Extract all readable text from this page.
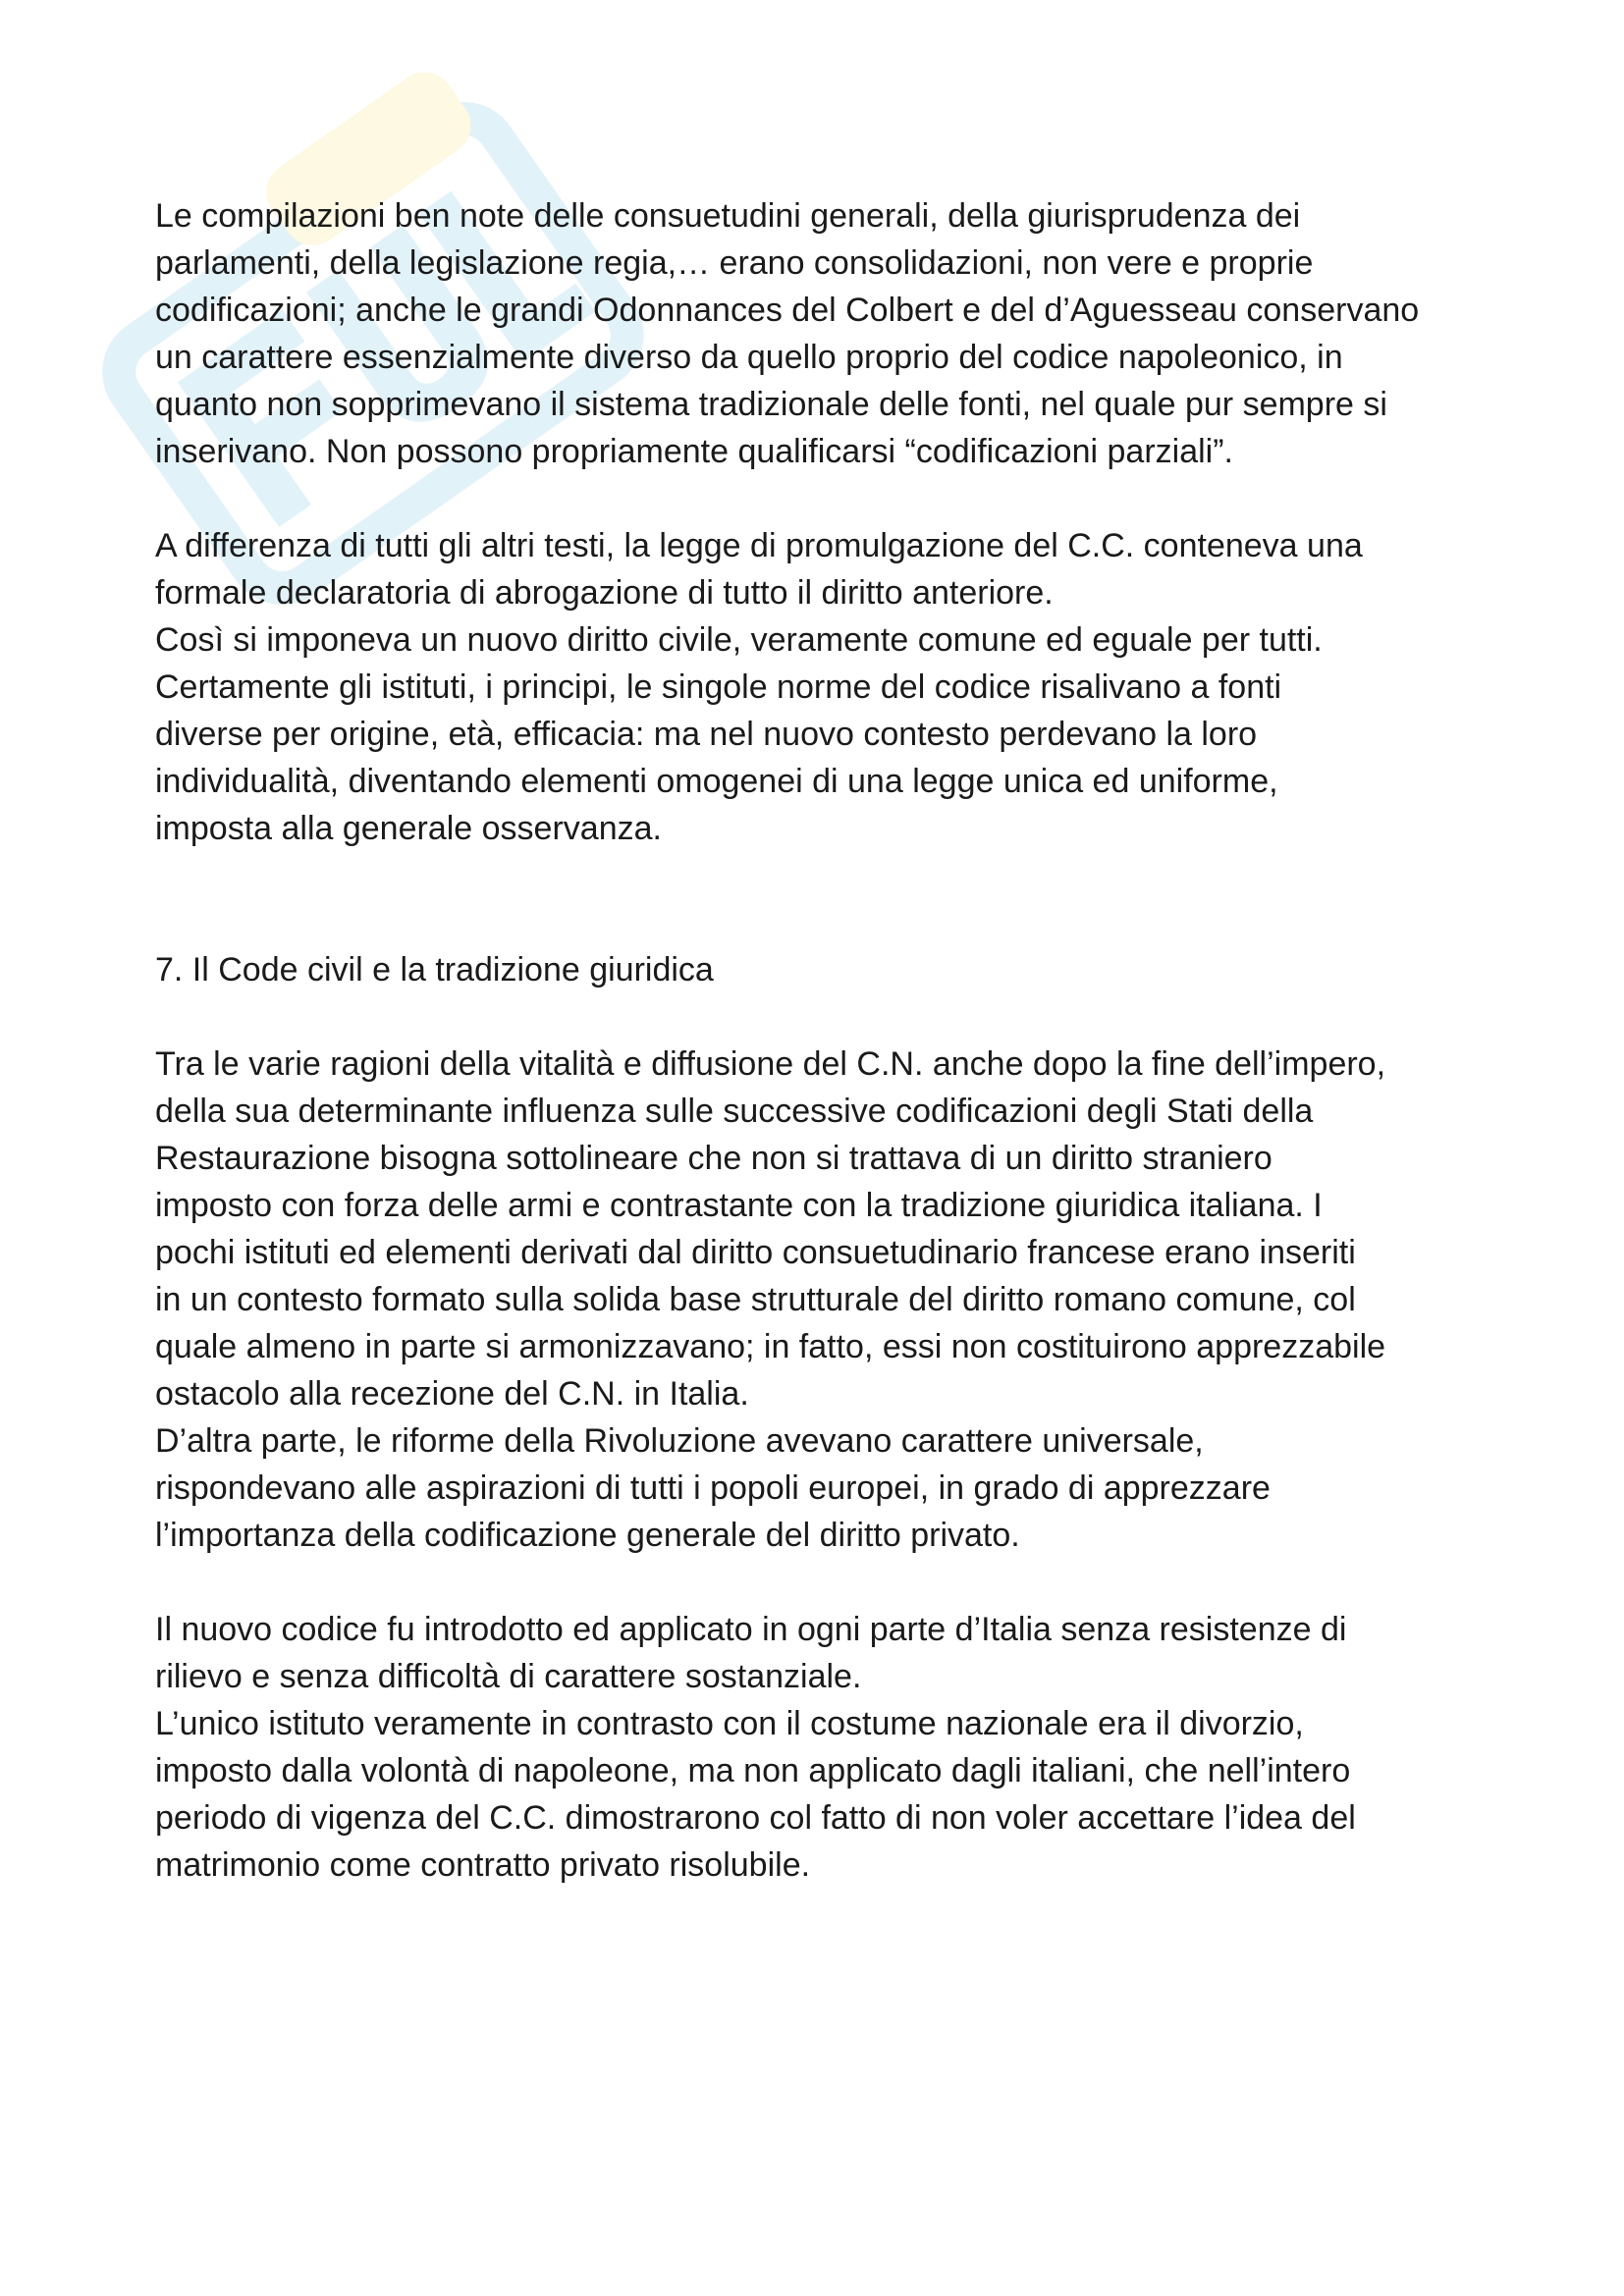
Le compilazioni ben note delle consuetudini generali, della giurisprudenza dei
parlamenti, della legislazione regia,… erano consolidazioni, non vere e proprie
codificazioni; anche le grandi Odonnances del Colbert e del d’Aguesseau conservano
un carattere essenzialmente diverso da quello proprio del codice napoleonico, in
quanto non sopprimevano il sistema tradizionale delle fonti, nel quale pur sempre si
inserivano. Non possono propriamente qualificarsi “codificazioni parziali”.
A differenza di tutti gli altri testi, la legge di promulgazione del C.C. conteneva una
formale declaratoria di abrogazione di tutto il diritto anteriore.
Così si imponeva un nuovo diritto civile, veramente comune ed eguale per tutti.
Certamente gli istituti, i principi, le singole norme del codice risalivano a fonti
diverse per origine, età, efficacia: ma nel nuovo contesto perdevano la loro
individualità, diventando elementi omogenei di una legge unica ed uniforme,
imposta alla generale osservanza.
7. Il Code civil e la tradizione giuridica
Tra le varie ragioni della vitalità e diffusione del C.N. anche dopo la fine dell’impero,
della sua determinante influenza sulle successive codificazioni degli Stati della
Restaurazione bisogna sottolineare che non si trattava di un diritto straniero
imposto con forza delle armi e contrastante con la tradizione giuridica italiana. I
pochi istituti ed elementi derivati dal diritto consuetudinario francese erano inseriti
in un contesto formato sulla solida base strutturale del diritto romano comune, col
quale almeno in parte si armonizzavano; in fatto, essi non costituirono apprezzabile
ostacolo alla recezione del C.N. in Italia.
D’altra parte, le riforme della Rivoluzione avevano carattere universale,
rispondevano alle aspirazioni di tutti i popoli europei, in grado di apprezzare
l’importanza della codificazione generale del diritto privato.
Il nuovo codice fu introdotto ed applicato in ogni parte d’Italia senza resistenze di
rilievo e senza difficoltà di carattere sostanziale.
L’unico istituto veramente in contrasto con il costume nazionale era il divorzio,
imposto dalla volontà di napoleone, ma non applicato dagli italiani, che nell’intero
periodo di vigenza del C.C. dimostrarono col fatto di non voler accettare l’idea del
matrimonio come contratto privato risolubile.
